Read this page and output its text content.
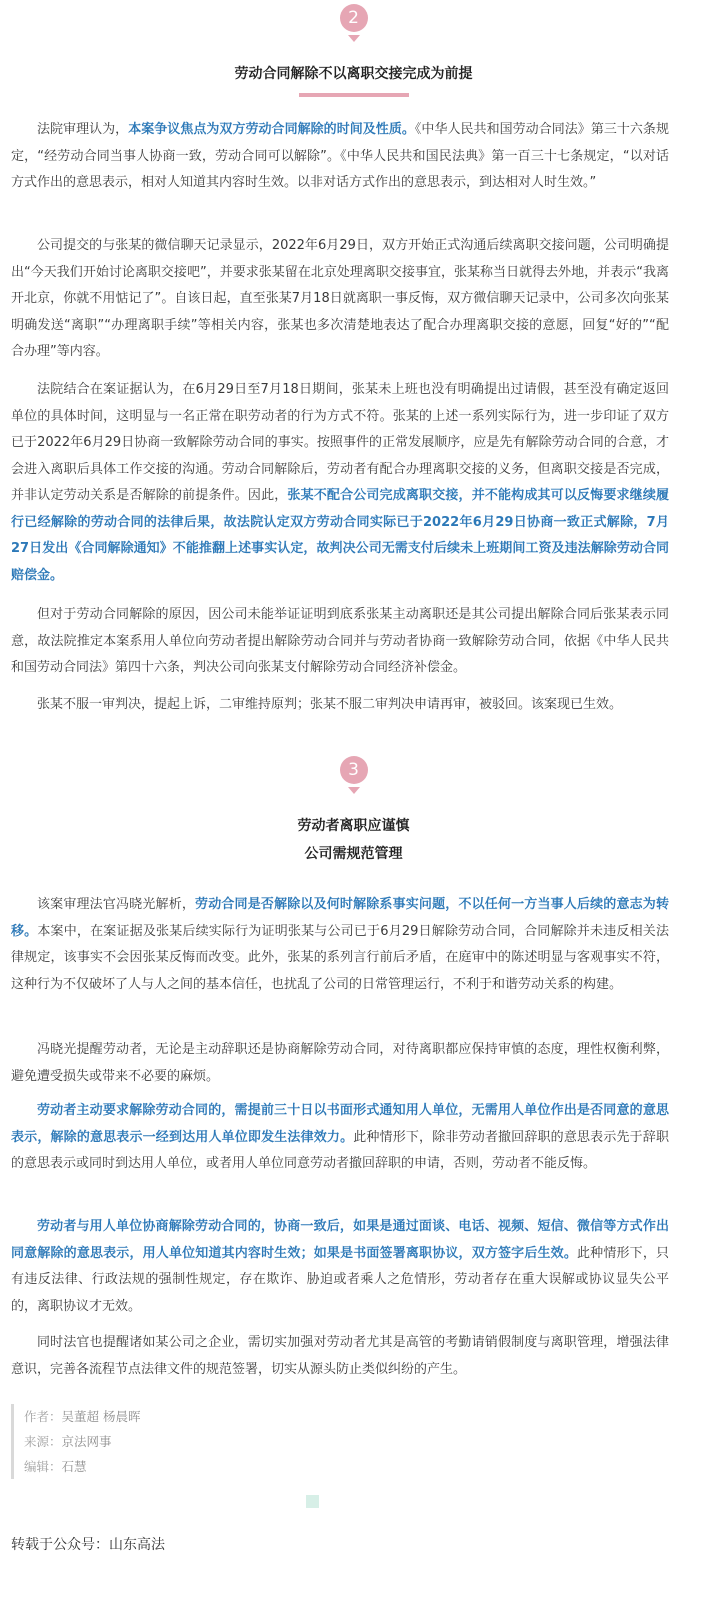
2
劳动合同解除不以离职交接完成为前提

法院审理认为，本案争议焦点为双方劳动合同解除的时间及性质。《中华人民共和国劳动合同法》第三十六条规定，“经劳动合同当事人协商一致，劳动合同可以解除”。《中华人民共和国民法典》第一百三十七条规定，“以对话方式作出的意思表示，相对人知道其内容时生效。以非对话方式作出的意思表示，到达相对人时生效。”

公司提交的与张某的微信聊天记录显示，2022年6月29日，双方开始正式沟通后续离职交接问题，公司明确提出“今天我们开始讨论离职交接吧”，并要求张某留在北京处理离职交接事宜，张某称当日就得去外地，并表示“我离开北京，你就不用惦记了”。自该日起，直至张某7月18日就离职一事反悔，双方微信聊天记录中，公司多次向张某明确发送“离职”“办理离职手续”等相关内容，张某也多次清楚地表达了配合办理离职交接的意愿，回复“好的”“配合办理”等内容。

法院结合在案证据认为，在6月29日至7月18日期间，张某未上班也没有明确提出过请假，甚至没有确定返回单位的具体时间，这明显与一名正常在职劳动者的行为方式不符。张某的上述一系列实际行为，进一步印证了双方已于2022年6月29日协商一致解除劳动合同的事实。按照事件的正常发展顺序，应是先有解除劳动合同的合意，才会进入离职后具体工作交接的沟通。劳动合同解除后，劳动者有配合办理离职交接的义务，但离职交接是否完成，并非认定劳动关系是否解除的前提条件。因此，张某不配合公司完成离职交接，并不能构成其可以反悔要求继续履行已经解除的劳动合同的法律后果，故法院认定双方劳动合同实际已于2022年6月29日协商一致正式解除，7月27日发出《合同解除通知》不能推翻上述事实认定，故判决公司无需支付后续未上班期间工资及违法解除劳动合同赔偿金。

但对于劳动合同解除的原因，因公司未能举证证明到底系张某主动离职还是其公司提出解除合同后张某表示同意，故法院推定本案系用人单位向劳动者提出解除劳动合同并与劳动者协商一致解除劳动合同，依据《中华人民共和国劳动合同法》第四十六条，判决公司向张某支付解除劳动合同经济补偿金。

张某不服一审判决，提起上诉，二审维持原判；张某不服二审判决申请再审，被驳回。该案现已生效。

3
劳动者离职应谨慎
公司需规范管理

该案审理法官冯晓光解析，劳动合同是否解除以及何时解除系事实问题，不以任何一方当事人后续的意志为转移。本案中，在案证据及张某后续实际行为证明张某与公司已于6月29日解除劳动合同，合同解除并未违反相关法律规定，该事实不会因张某反悔而改变。此外，张某的系列言行前后矛盾，在庭审中的陈述明显与客观事实不符，这种行为不仅破坏了人与人之间的基本信任，也扰乱了公司的日常管理运行，不利于和谐劳动关系的构建。

冯晓光提醒劳动者，无论是主动辞职还是协商解除劳动合同，对待离职都应保持审慎的态度，理性权衡利弊，避免遭受损失或带来不必要的麻烦。

劳动者主动要求解除劳动合同的，需提前三十日以书面形式通知用人单位，无需用人单位作出是否同意的意思表示，解除的意思表示一经到达用人单位即发生法律效力。此种情形下，除非劳动者撤回辞职的意思表示先于辞职的意思表示或同时到达用人单位，或者用人单位同意劳动者撤回辞职的申请，否则，劳动者不能反悔。

劳动者与用人单位协商解除劳动合同的，协商一致后，如果是通过面谈、电话、视频、短信、微信等方式作出同意解除的意思表示，用人单位知道其内容时生效；如果是书面签署离职协议，双方签字后生效。此种情形下，只有违反法律、行政法规的强制性规定，存在欺诈、胁迫或者乘人之危情形，劳动者存在重大误解或协议显失公平的，离职协议才无效。

同时法官也提醒诸如某公司之企业，需切实加强对劳动者尤其是高管的考勤请销假制度与离职管理，增强法律意识，完善各流程节点法律文件的规范签署，切实从源头防止类似纠纷的产生。

作者：吴董超 杨晨晖
来源：京法网事
编辑：石慧
转载于公众号：山东高法
